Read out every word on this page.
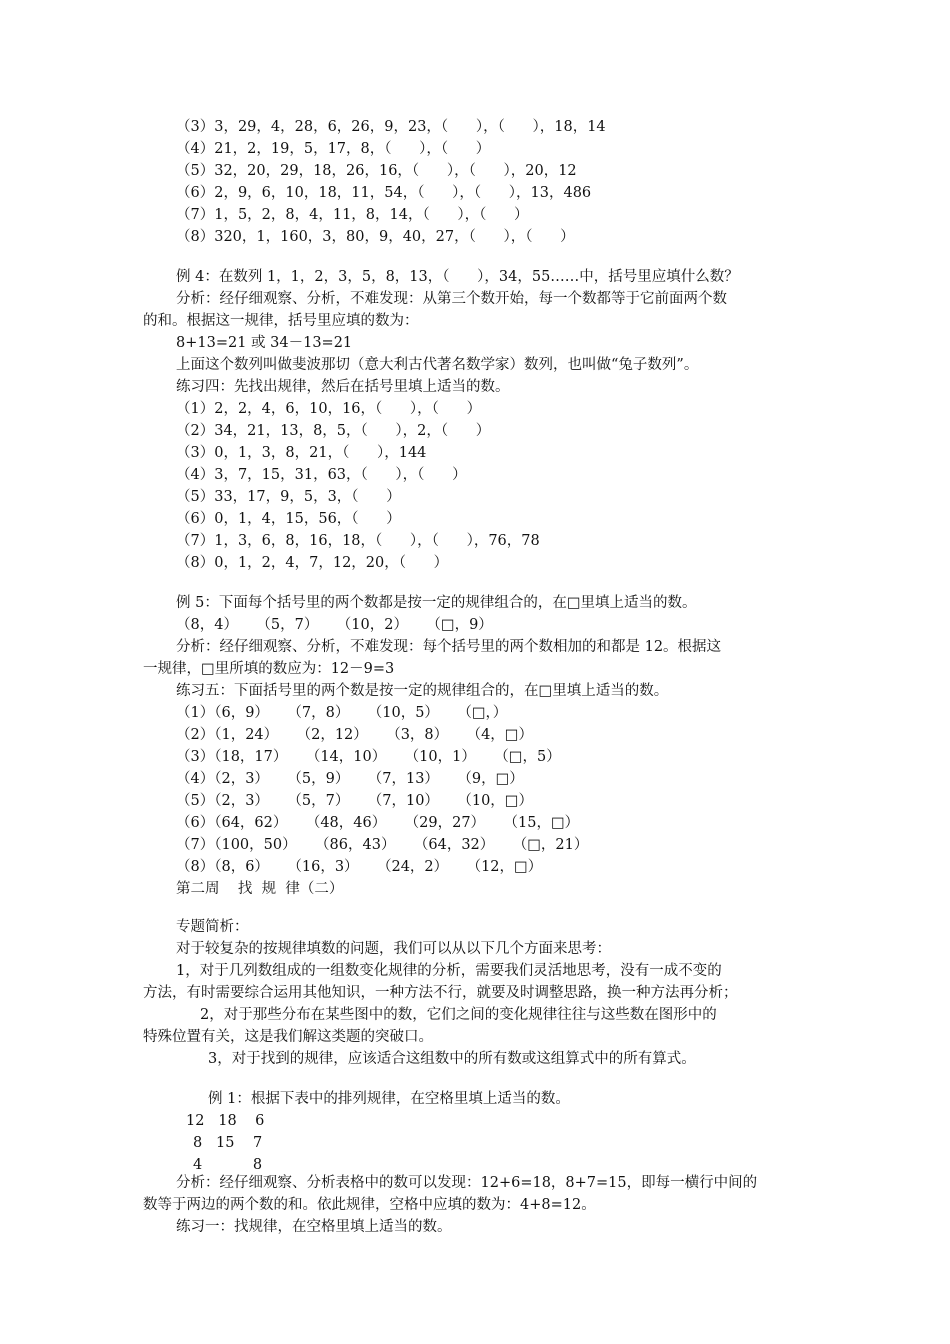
（3）3，29，4，28，6，26，9，23，（      ），（      ），18，14
（4）21，2，19，5，17，8，（      ），（      ）
（5）32，20，29，18，26，16，（      ），（      ），20，12
（6）2，9，6，10，18，11，54，（      ），（      ），13，486
（7）1，5，2，8，4，11，8，14，（      ），（      ）
（8）320，1，160，3，80，9，40，27，（      ），（      ）
例 4：在数列 1，1，2，3，5，8，13，（      ），34，55……中，括号里应填什么数？
分析：经仔细观察、分析，不难发现：从第三个数开始，每一个数都等于它前面两个数
的和。根据这一规律，括号里应填的数为：
8+13=21 或 34－13=21
上面这个数列叫做斐波那切（意大利古代著名数学家）数列，也叫做“兔子数列”。
练习四：先找出规律，然后在括号里填上适当的数。
（1）2，2，4，6，10，16，（      ），（      ）
（2）34，21，13，8，5，（      ），2，（      ）
（3）0，1，3，8，21，（      ），144
（4）3，7，15，31，63，（      ），（      ）
（5）33，17，9，5，3，（      ）
（6）0，1，4，15，56，（      ）
（7）1，3，6，8，16，18，（      ），（      ），76，78
（8）0，1，2，4，7，12，20，（      ）
例 5：下面每个括号里的两个数都是按一定的规律组合的，在□里填上适当的数。
（8，4）    （5，7）    （10，2）    （□，9）
分析：经仔细观察、分析，不难发现：每个括号里的两个数相加的和都是 12。根据这
一规律，□里所填的数应为：12－9=3
练习五：下面括号里的两个数是按一定的规律组合的，在□里填上适当的数。
（1）（6，9）    （7，8）    （10，5）    （□，）
（2）（1，24）    （2，12）    （3，8）    （4，□）
（3）（18，17）    （14，10）    （10，1）    （□，5）
（4）（2，3）    （5，9）    （7，13）    （9，□）
（5）（2，3）    （5，7）    （7，10）    （10，□）
（6）（64，62）    （48，46）    （29，27）    （15，□）
（7）（100，50）    （86，43）    （64，32）    （□，21）
（8）（8，6）    （16，3）    （24，2）    （12，□）
第二周    找  规  律（二）
专题简析：
对于较复杂的按规律填数的问题，我们可以从以下几个方面来思考：
1，对于几列数组成的一组数变化规律的分析，需要我们灵活地思考，没有一成不变的
方法，有时需要综合运用其他知识，一种方法不行，就要及时调整思路，换一种方法再分析；
2，对于那些分布在某些图中的数，它们之间的变化规律往往与这些数在图形中的
特殊位置有关，这是我们解这类题的突破口。
3，对于找到的规律，应该适合这组数中的所有数或这组算式中的所有算式。
例 1：根据下表中的排列规律，在空格里填上适当的数。
12   18    6
8   15    7
4           8
分析：经仔细观察、分析表格中的数可以发现：12+6=18，8+7=15，即每一横行中间的
数等于两边的两个数的和。依此规律，空格中应填的数为：4+8=12。
练习一：找规律，在空格里填上适当的数。
